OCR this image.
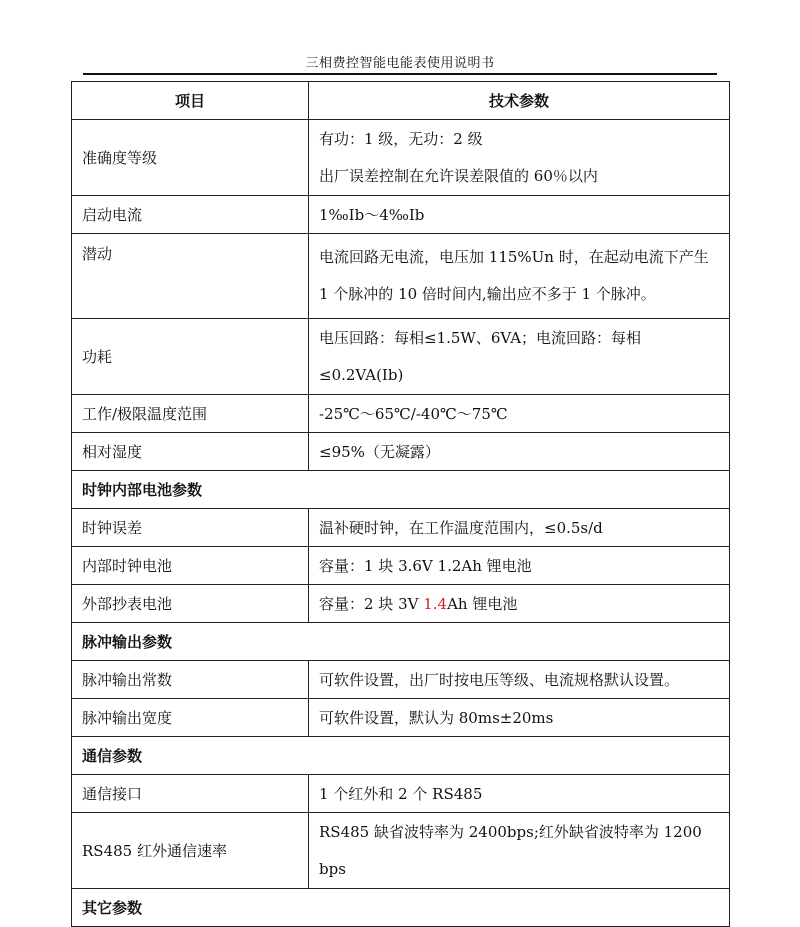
三相费控智能电能表使用说明书
项目	技术参数
准确度等级	有功：1 级，无功：2 级
出厂误差控制在允许误差限值的 60％以内

启动电流	1‰Ib～4‰Ib
潜动	电流回路无电流，电压加 115%Un 时，在起动电流下产生 1 个脉冲的 10 倍时间内,输出应不多于 1 个脉冲。
功耗	电压回路：每相≤1.5W、6VA；电流回路：每相≤0.2VA(Ib)
工作/极限温度范围	-25℃～65℃/-40℃～75℃
相对湿度	≤95%（无凝露）
时钟内部电池参数	
时钟误差	温补硬时钟，在工作温度范围内，≤0.5s/d
内部时钟电池	容量：1 块 3.6V 1.2Ah 锂电池
外部抄表电池	容量：2 块 3V 1.4Ah 锂电池
脉冲输出参数	
脉冲输出常数	可软件设置，出厂时按电压等级、电流规格默认设置。
脉冲输出宽度	可软件设置，默认为 80ms±20ms
通信参数	
通信接口	1 个红外和 2 个 RS485
RS485 红外通信速率	RS485 缺省波特率为 2400bps;红外缺省波特率为 1200 bps
其它参数	
